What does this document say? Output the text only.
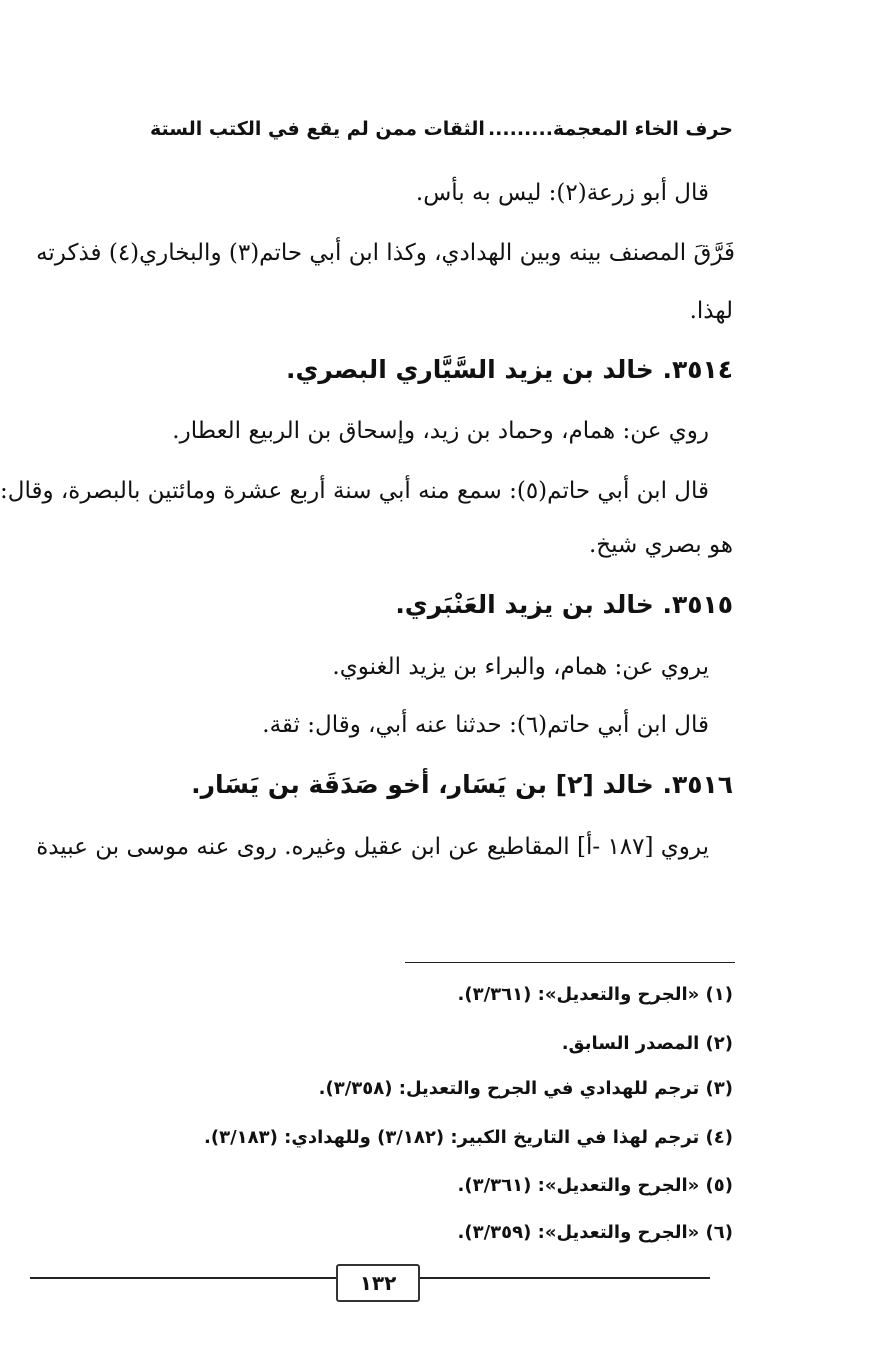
حرف الخاء المعجمة.........
الثقات ممن لم يقع في الكتب الستة
قال أبو زرعة(٢): ليس به بأس.
فَرَّقَ المصنف بينه وبين الهدادي، وكذا ابن أبي حاتم(٣) والبخاري(٤) فذكرته
لهذا.
٣٥١٤. خالد بن يزيد السَّيَّاري البصري.
روي عن: همام، وحماد بن زيد، وإسحاق بن الربيع العطار.
قال ابن أبي حاتم(٥): سمع منه أبي سنة أربع عشرة ومائتين بالبصرة، وقال:
هو بصري شيخ.
٣٥١٥. خالد بن يزيد العَنْبَري.
يروي عن: همام، والبراء بن يزيد الغنوي.
قال ابن أبي حاتم(٦): حدثنا عنه أبي، وقال: ثقة.
٣٥١٦. خالد [٢] بن يَسَار، أخو صَدَقَة بن يَسَار.
يروي [١٨٧ -أ] المقاطيع عن ابن عقيل وغيره. روى عنه موسى بن عبيدة
(١) «الجرح والتعديل»: (٣/٣٦١).
(٢) المصدر السابق.
(٣) ترجم للهدادي في الجرح والتعديل: (٣/٣٥٨).
(٤) ترجم لهذا في التاريخ الكبير: (٣/١٨٢) وللهدادي: (٣/١٨٣).
(٥) «الجرح والتعديل»: (٣/٣٦١).
(٦) «الجرح والتعديل»: (٣/٣٥٩).
١٣٢
